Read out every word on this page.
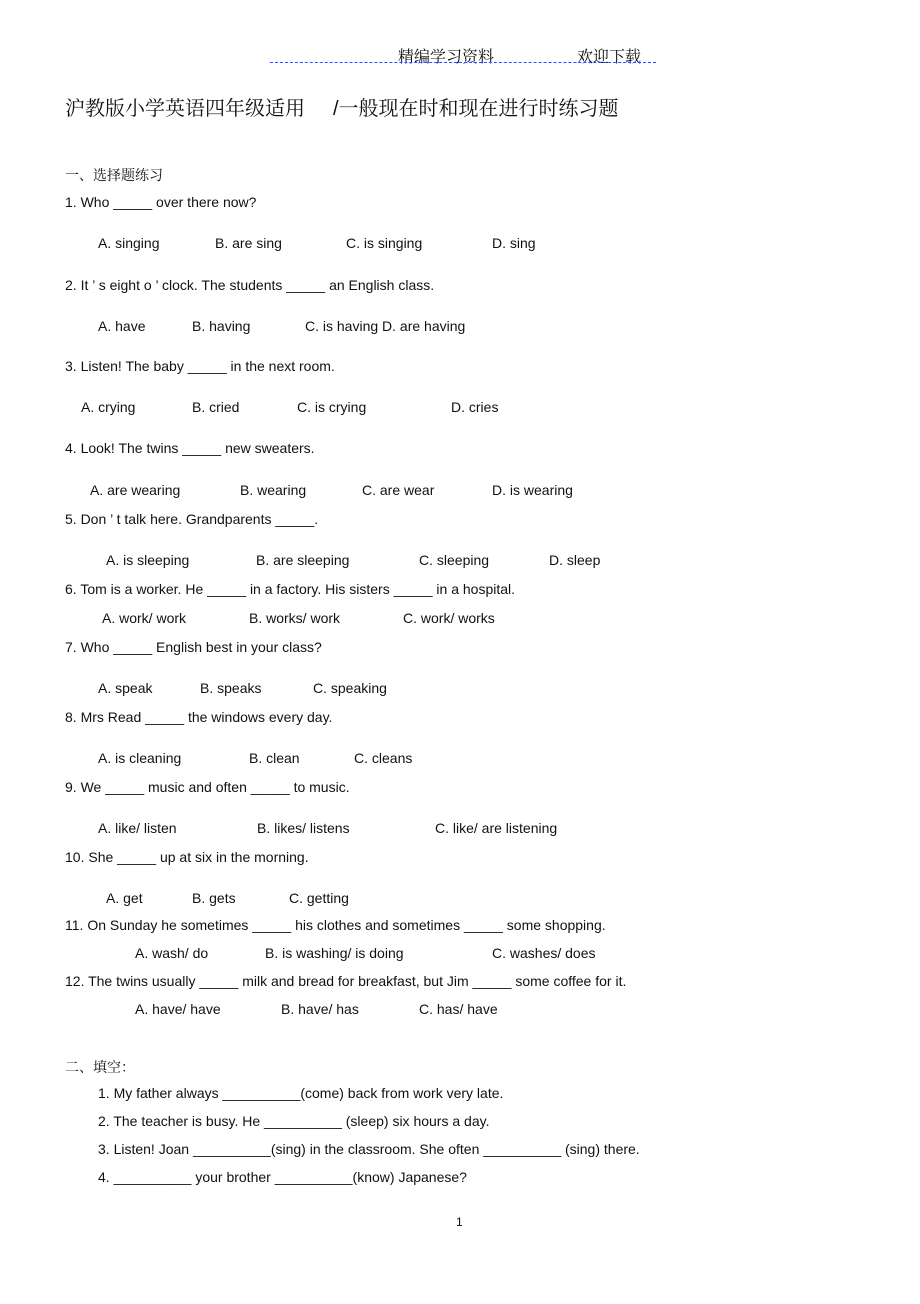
精编学习资料	欢迎下载
沪教版小学英语四年级适用 /一般现在时和现在进行时练习题
一、选择题练习
1. Who _____ over there now?
A. singing	B. are sing	C. is singing	D. sing
2. It ’ s eight o ’ clock. The students _____ an English class.
A. have	B. having	C. is having D. are having
3. Listen! The baby _____ in the next room.
A. crying	B. cried	C. is crying	D. cries
4. Look! The twins _____ new sweaters.
A. are wearing	B. wearing	C. are wear	D. is wearing
5. Don ’ t talk here. Grandparents _____.
A. is sleeping	B. are sleeping	C. sleeping	D. sleep
6. Tom is a worker. He _____ in a factory. His sisters _____ in a hospital.
A. work/ work	B. works/ work	C. work/ works
7. Who _____ English best in your class?
A. speak	B. speaks	C. speaking
8. Mrs Read _____ the windows every day.
A. is cleaning	B. clean	C. cleans
9. We _____ music and often _____ to music.
A. like/ listen	B. likes/ listens	C. like/ are listening
10. She _____ up at six in the morning.
A. get	B. gets	C. getting
11. On Sunday he sometimes _____ his clothes and sometimes _____ some shopping.
A. wash/ do	B. is washing/ is doing	C. washes/ does
12. The twins usually _____ milk and bread for breakfast, but Jim _____ some coffee for it.
A. have/ have	B. have/ has	C. has/ have
二、填空：
1. My father always __________(come) back from work very late.
2. The teacher is busy. He __________ (sleep) six hours a day.
3. Listen! Joan __________(sing) in the classroom. She often __________ (sing) there.
4. __________ your brother __________(know) Japanese?
1
